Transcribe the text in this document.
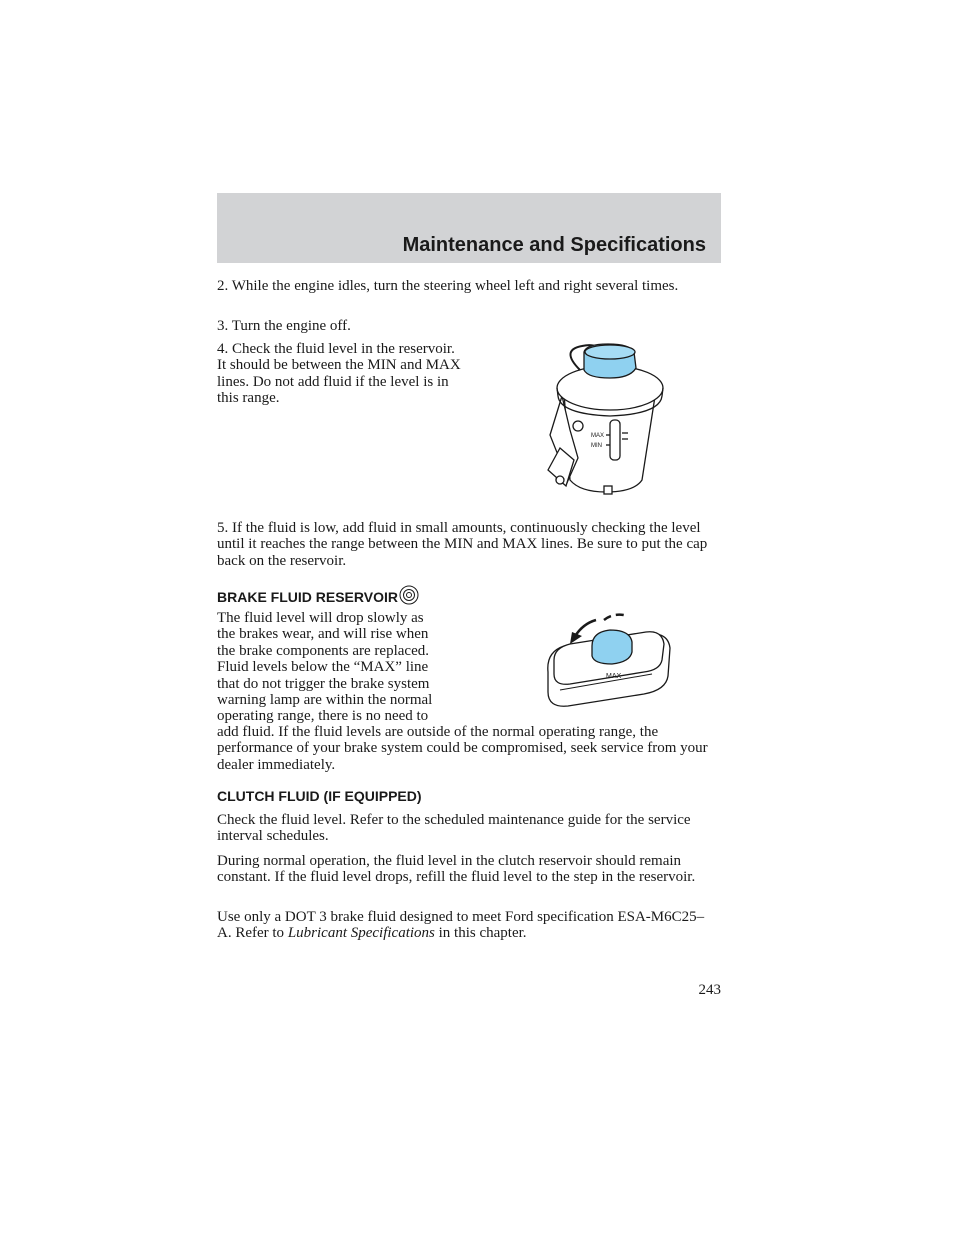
Maintenance and Specifications

2. While the engine idles, turn the steering wheel left and right several times.

3. Turn the engine off.

4. Check the fluid level in the reservoir. It should be between the MIN and MAX lines. Do not add fluid if the level is in this range.

MAX
MIN

5. If the fluid is low, add fluid in small amounts, continuously checking the level until it reaches the range between the MIN and MAX lines. Be sure to put the cap back on the reservoir.

BRAKE FLUID RESERVOIR
The fluid level will drop slowly as
the brakes wear, and will rise when
the brake components are replaced.
Fluid levels below the “MAX” line
that do not trigger the brake system
warning lamp are within the normal
operating range, there is no need to
MAX

add fluid. If the fluid levels are outside of the normal operating range, the performance of your brake system could be compromised, seek service from your dealer immediately.

CLUTCH FLUID (IF EQUIPPED)

Check the fluid level. Refer to the scheduled maintenance guide for the service interval schedules.

During normal operation, the fluid level in the clutch reservoir should remain constant. If the fluid level drops, refill the fluid level to the step in the reservoir.

Use only a DOT 3 brake fluid designed to meet Ford specification ESA-M6C25–A. Refer to Lubricant Specifications in this chapter.

243
